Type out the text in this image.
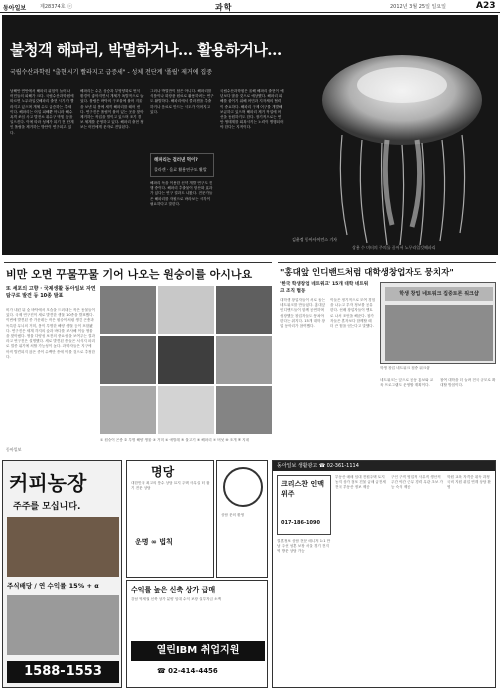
동아일보	제28374호 ⓒ	과학	2012년 3월 25일 일요일	A23
불청객 해파리, 박멸하거나… 활용하거나…
국립수산과학원 "출현시기 빨라지고 급증세" - 성체 전단계 '폴립' 제거에 집중
남해안 연안에서 해파리 위험이 늘어나 어민들의 피해가 크다. 국립수산과학원에 따르면 노무라입깃해파리 출현 시기가 빨라지고 있으며 개체 수도 급증하는 추세이다. 해파리는 어업 피해뿐 아니라 해수욕객 쏘임 사고 발전소 취수구 막힘 등을 일으킨다. 이에 따라 성체가 되기 전 단계인 폴립을 제거하는 방안이 연구되고 있다.
해파리는 수온 상승과 부영양화로 번식 환경이 좋아지면서 개체가 폭발적으로 늘었다. 폴립은 바닥의 구조물에 붙어 겨울을 보낸 뒤 봄에 새끼 해파리를 떼어 낸다. 연구진은 폴립이 붙어 있는 곳을 찾아 제거하는 작업을 벌이고 있으며 조기 경보 체계를 운영하고 있다. 해파리 출현 정보는 어민에게 문자로 전달된다.
그러나 박멸만이 답은 아니다. 해파리를 식품이나 화장품 원료로 활용하려는 연구도 활발하다. 해파리에서 콜라겐을 추출하거나 음료로 만드는 시도가 이어지고 있다.
해파리는 걸러낸 먹이?
콜라겐 · 음료 활용연구도 활발
해파리 독을 이용한 신약 개발 연구도 진행 중이다. 해파리 추출물이 항산화 효과가 있다는 연구 결과도 나왔다. 전문가들은 해파리를 자원으로 바라보는 시각이 필요하다고 말한다.
국립수산과학원은 올해 해파리 출현이 예년보다 많을 것으로 예상했다. 해파리 피해를 줄이기 위해 어민과 지자체의 협력이 중요하다. 해파리 구제 어구를 개발해 보급하고 있으며 해파리 제거 작업에 어선을 동원하기도 한다. 장기적으로는 연안 생태계를 회복시키는 노력이 병행되어야 한다는 지적이다.
김윤정 동아사이언스 기자
상용 수 미터의 주의를 끌어서 노무라입깃해파리
비만 오면 꾸물꾸물 기어 나오는 원숭이를 아시나요
또 세포의 고향 · 국제생활 동아일보 자연 탐구로 발견 등 10종 발표
비가 내린 뒤 숲 바닥에서 모습을 드러내는 작은 동물들이 있다. 국제 연구진이 새로 발견한 생물 10종을 발표했다. 이번에 발견된 종 가운데는 작은 원숭이처럼 생긴 곤충과 독특한 무늬의 거미, 몸이 투명한 해양 생물 등이 포함됐다. 연구진은 세계 각지의 숲과 바다를 조사해 이들 생물을 찾아냈다. 생물 다양성 보전의 중요성을 보여주는 결과라고 연구진은 설명했다. 새로 발견된 종들은 서식지 파괴로 멸종 위기에 처할 가능성이 높다. 과학자들은 지구에 아직 발견되지 않은 종이 수백만 종에 이를 것으로 추정한다.
동아일보
① 원숭이 곤충 ② 투명 해양 생물 ③ 거미 ④ 애벌레 ⑤ 물고기 ⑥ 해파리 ⑦ 버섯 ⑧ 조개 ⑨ 지네
"홍대앞 인디밴드처럼 대학생창업자도 뭉치자"
'한국 학생창업 네트워크' 15개 대학 네트워크 조직 협동
대학생 창업자들이 서로 돕는 네트워크를 만들었다. 홍대앞 인디밴드들이 함께 공연하며 성장했듯 창업자들도 뭉쳐야 한다는 취지다. 15개 대학 창업 동아리가 참여했다.
이들은 정기적으로 모여 경험을 나누고 투자 정보를 공유한다. 선배 창업자들이 멘토로 나서 조언을 해준다. 참가자들은 혼자보다 함께할 때 더 큰 힘을 얻는다고 말했다.
학생 창업 네트워크 집중토론 워크샵
학생 창업 네트워크 집중 워크샵
네트워크는 앞으로 공동 홍보와 교육 프로그램도 운영할 계획이다.
참여 대학을 더 늘려 전국 규모로 확대할 방침이다.
커피농장
주주를 모십니다.
주식배당 / 연 수익률 15% + α
1588-1553
명당
대한민국 최고의 풍수 상담 묘지 주택 사무실 터 잡기 전문 상담
운명 ∞ 법칙
상담 문의 환영
수익률 높은 신축 상가 급매
강남 역세권 신축 상가 분양 임대 수익 보장 실투자금 소액
열린IBM 취업지원
☎ 02-414-4456
동아일보 생활광고 ☎ 02-361-1114
크리스찬 인맥위주
017-186-1090
결혼정보 상담 전문 매니저 1:1 만남 주선 성혼 보장 서울 경기 전지역 방문 상담 가능
부동산 매매 임대 전원주택 토지 농지 상가 점포 건물 급매 급전세 전국 부동산 정보 제공
구인 구직 영업직 사무직 생산직 주간 야간 근무 경력 무관 초보 가능 숙식 제공
학원 교육 자격증 취득 과정 국비 지원 취업 연계 상담 환영
